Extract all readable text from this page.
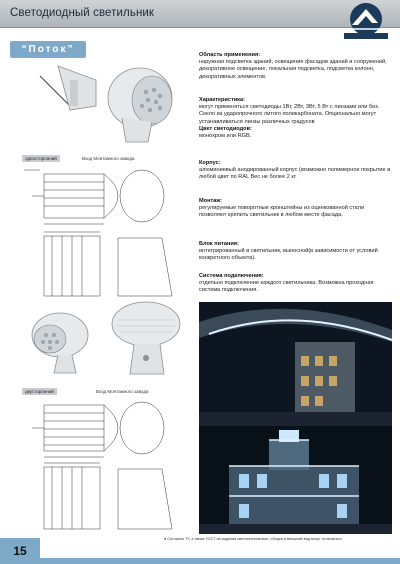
Светодиодный светильник
“Поток”
односторонний	Вход Монтажного завода
двусторонний	Вход Монтажного завода
Область применения:
наружная подсветка зданий, освещение фасадов зданий и сооружений, декоративное освещение, локальная подсветка, подсветка колонн, декоративных элементов.
Характеристика:
могут применяться светодиоды 1Вт, 2Вт, 3Вт, 5 Вт с линзами или без. Секло из ударопрочного литого поликарбоната. Опционально могут устанавливаться линзы различных градусов
Цвет светодиодов:
монохром или RGB.
Корпус:
алюминиевый анодированный корпус (возможно полимерное покрытие в любой цвет по RAL Вес не более 2 кг.
Монтаж:
регулируемые поворотные кронштейны из оцинкованной стали позволяют крепить светильник в любом месте фасада.
Блок питания:
интегрированный в светильник, выносной(в зависимости от условий конкретного объекта).
Система подключения:
отдельно подключение каждого светильника. Возможна проходная система подключения.
● Согласно ТУ, а также ГОСТ на изделия светотехнические, сборка и внешний вид могут отличаться
15
